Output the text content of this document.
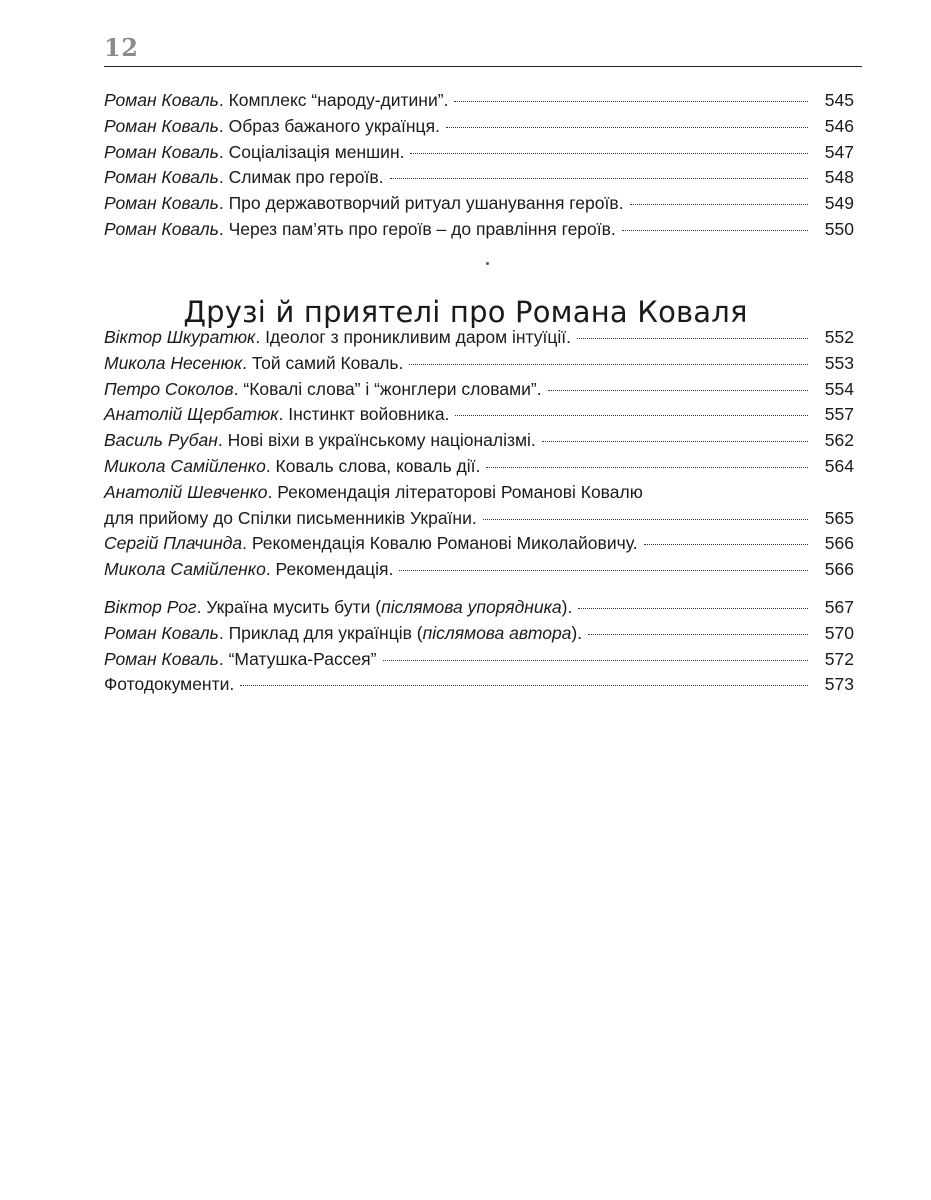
12
Роман Коваль . Комплекс “народу-дитини”.	545
Роман Коваль . Образ бажаного українця.	546
Роман Коваль . Соціалізація меншин.	547
Роман Коваль . Слимак про героїв.	548
Роман Коваль . Про державотворчий ритуал ушанування героїв.	549
Роман Коваль . Через пам’ять про героїв – до правління героїв.	550
Друзі й приятелі про Романа Коваля
Віктор Шкуратюк . Ідеолог з проникливим даром інтуїції.	552
Микола Несенюк . Той самий Коваль.	553
Петро Соколов . “Ковалі слова” і “жонглери словами”.	554
Анатолій Щербатюк . Інстинкт войовника.	557
Василь Рубан . Нові віхи в українському націоналізмі.	562
Микола Самійленко . Коваль слова, коваль дії.	564
Анатолій Шевченко. Рекомендація літераторові Романові Ковалю
для прийому до Спілки письменників України.	565
Сергій Плачинда . Рекомендація Ковалю Романові Миколайовичу.	566
Микола Самійленко . Рекомендація.	566
Віктор Рог . Україна мусить бути ( післямова упорядника ).	567
Роман Коваль . Приклад для українців ( післямова автора ).	570
Роман Коваль . “Матушка-Рассея”	572
Фотодокументи.	573
